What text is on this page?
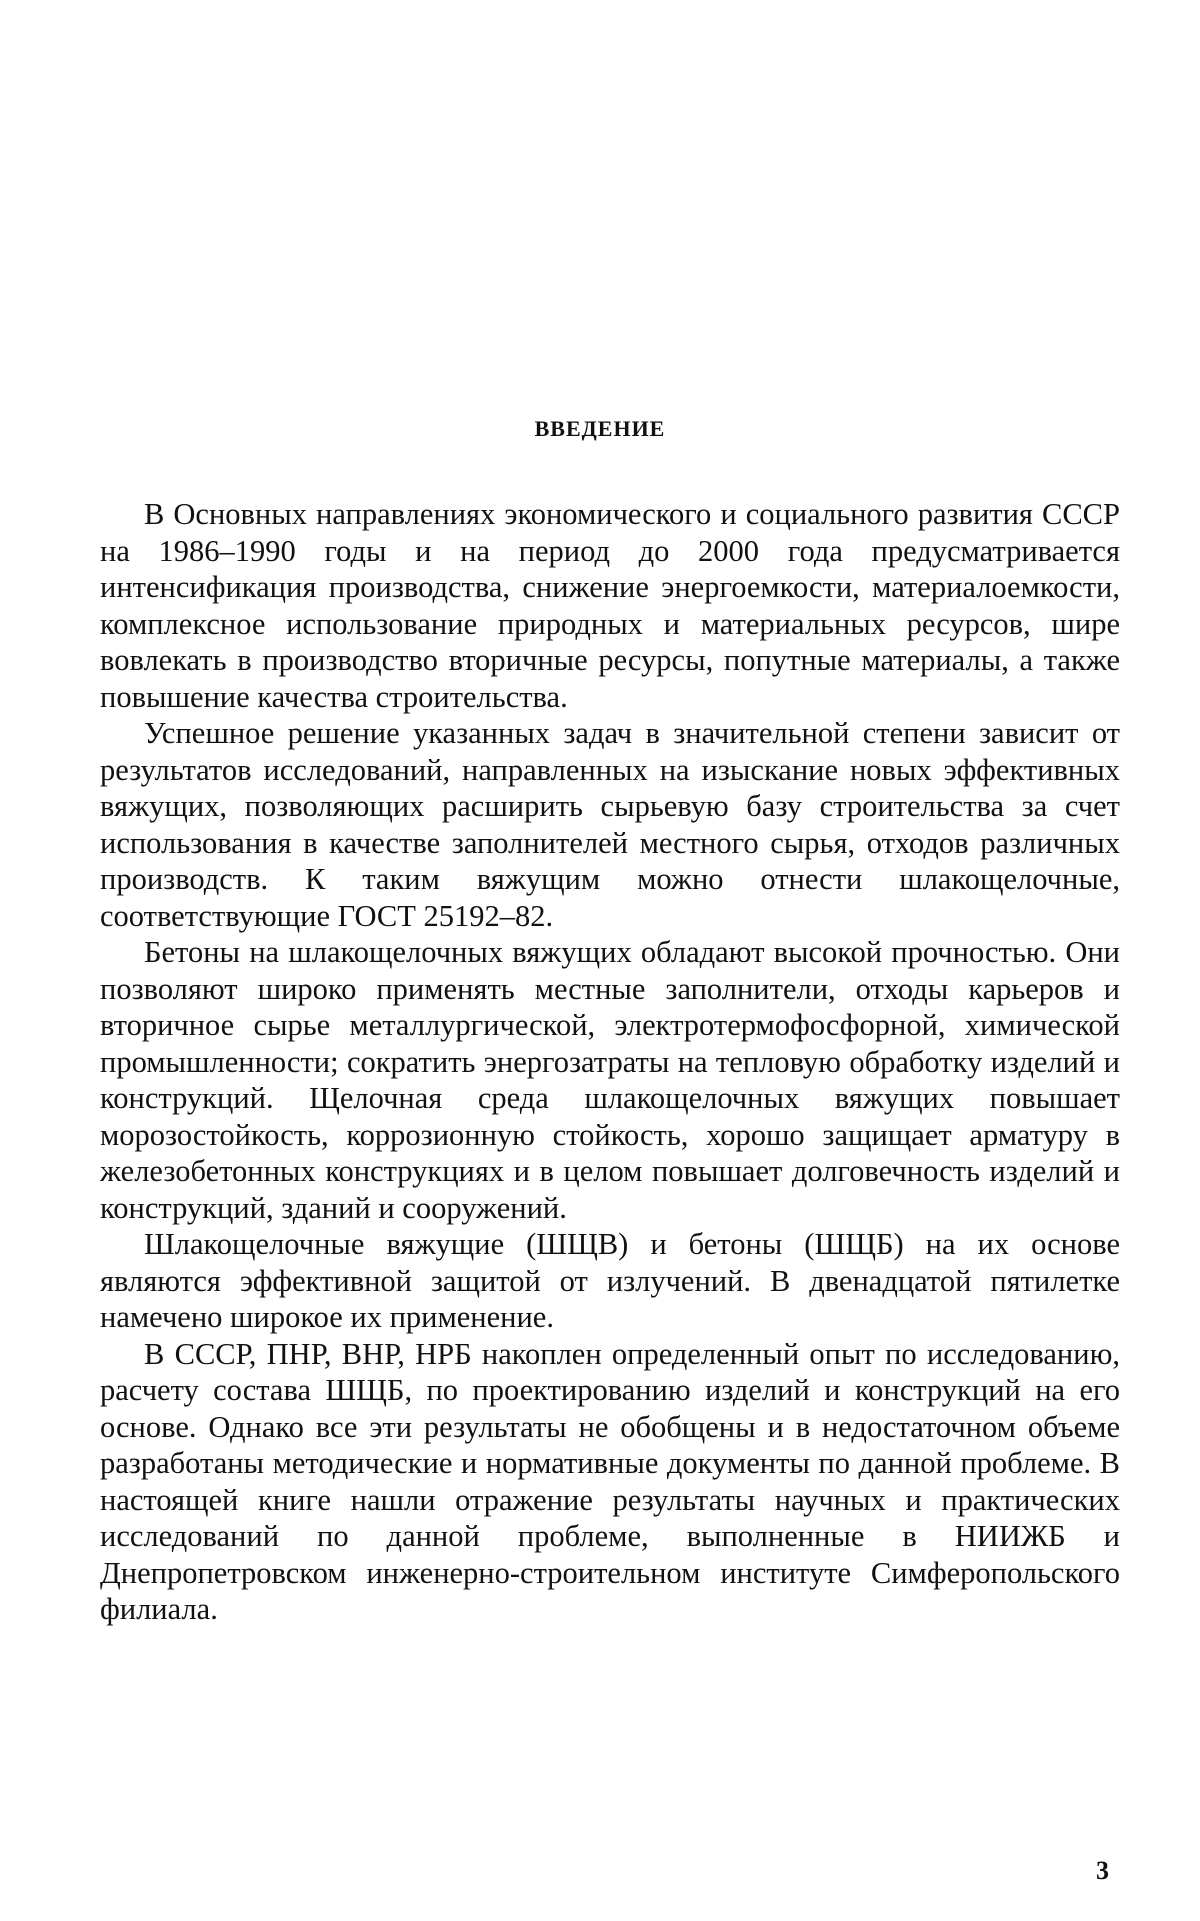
ВВЕДЕНИЕ

В Основных направлениях экономического и социального развития СССР на 1986–1990 годы и на период до 2000 года предусматривается интенсификация производства, снижение энергоемкости, материалоемкости, комплексное использование природных и материальных ресурсов, шире вовлекать в производство вторичные ресурсы, попутные материалы, а также повышение качества строительства.

Успешное решение указанных задач в значительной степени зависит от результатов исследований, направленных на изыскание новых эффективных вяжущих, позволяющих расширить сырьевую базу строительства за счет использования в качестве заполнителей местного сырья, отходов различных производств. К таким вяжущим можно отнести шлакощелочные, соответствующие ГОСТ 25192–82.

Бетоны на шлакощелочных вяжущих обладают высокой прочностью. Они позволяют широко применять местные заполнители, отходы карьеров и вторичное сырье металлургической, электротермофосфорной, химической промышленности; сократить энергозатраты на тепловую обработку изделий и конструкций. Щелочная среда шлакощелочных вяжущих повышает морозостойкость, коррозионную стойкость, хорошо защищает арматуру в железобетонных конструкциях и в целом повышает долговечность изделий и конструкций, зданий и сооружений.

Шлакощелочные вяжущие (ШЩВ) и бетоны (ШЩБ) на их основе являются эффективной защитой от излучений. В двенадцатой пятилетке намечено широкое их применение.

В СССР, ПНР, ВНР, НРБ накоплен определенный опыт по исследованию, расчету состава ШЩБ, по проектированию изделий и конструкций на его основе. Однако все эти результаты не обобщены и в недостаточном объеме разработаны методические и нормативные документы по данной проблеме. В настоящей книге нашли отражение результаты научных и практических исследований по данной проблеме, выполненные в НИИЖБ и Днепропетровском инженерно-строительном институте Симферопольского филиала.

3
